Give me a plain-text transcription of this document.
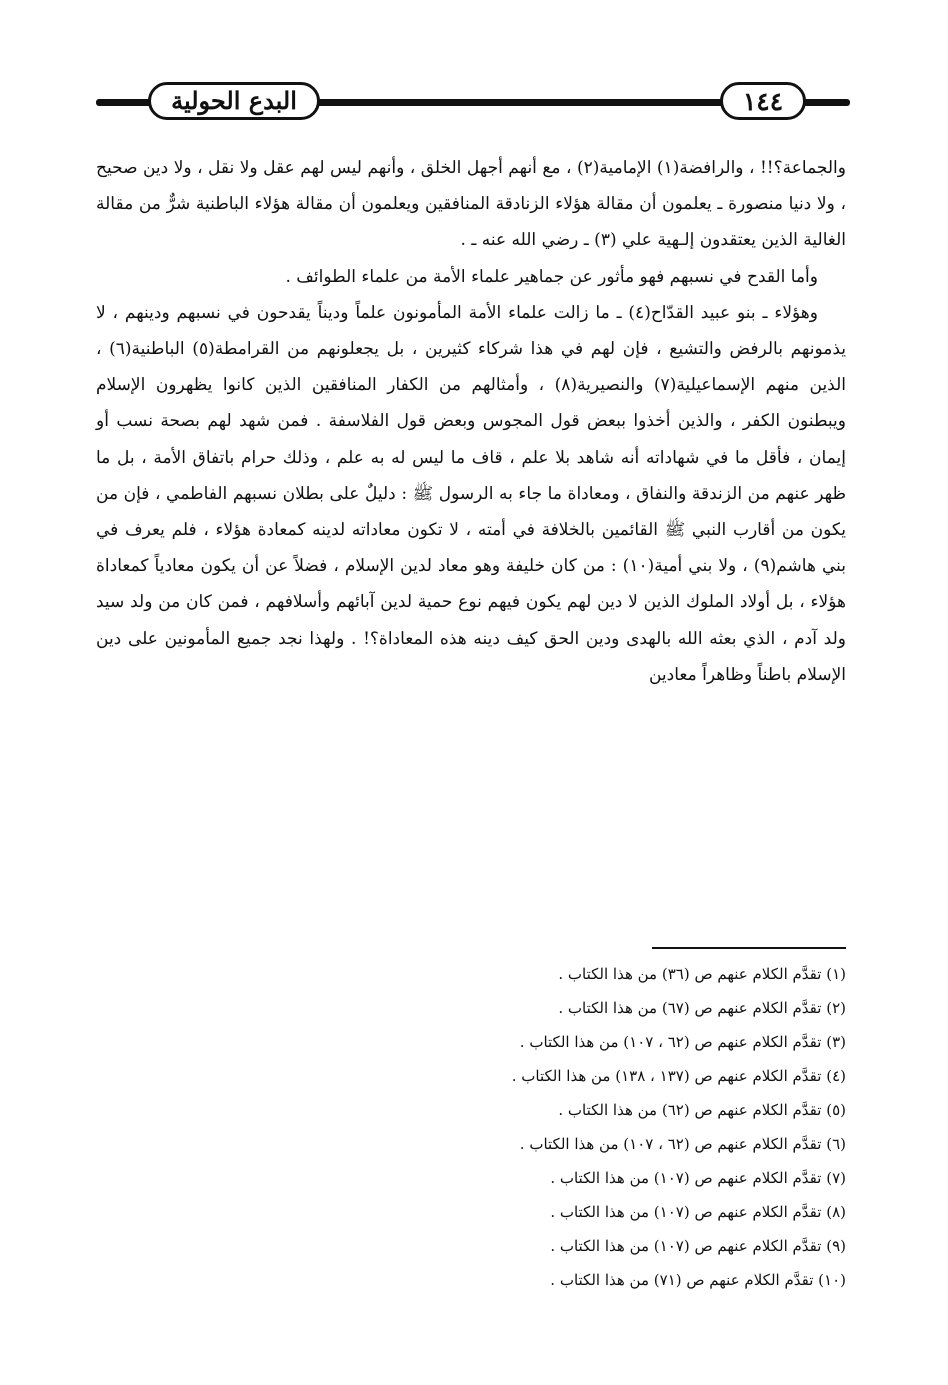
البدع الحولية	١٤٤

والجماعة؟!! ، والرافضة(١) الإمامية(٢) ، مع أنهم أجهل الخلق ، وأنهم ليس لهم عقل ولا نقل ، ولا دين صحيح ، ولا دنيا منصورة ـ يعلمون أن مقالة هؤلاء الزنادقة المنافقين ويعلمون أن مقالة هؤلاء الباطنية شرٌّ من مقالة الغالية الذين يعتقدون إلـهية علي (٣) ـ رضي الله عنه ـ .

وأما القدح في نسبهم فهو مأثور عن جماهير علماء الأمة من علماء الطوائف .

وهؤلاء ـ بنو عبيد القدّاح(٤) ـ ما زالت علماء الأمة المأمونون علماً وديناً يقدحون في نسبهم ودينهم ، لا يذمونهم بالرفض والتشيع ، فإن لهم في هذا شركاء كثيرين ، بل يجعلونهم من القرامطة(٥) الباطنية(٦) ، الذين منهم الإسماعيلية(٧) والنصيرية(٨) ، وأمثالهم من الكفار المنافقين الذين كانوا يظهرون الإسلام ويبطنون الكفر ، والذين أخذوا ببعض قول المجوس وبعض قول الفلاسفة . فمن شهد لهم بصحة نسب أو إيمان ، فأقل ما في شهاداته أنه شاهد بلا علم ، قاف ما ليس له به علم ، وذلك حرام باتفاق الأمة ، بل ما ظهر عنهم من الزندقة والنفاق ، ومعاداة ما جاء به الرسول ﷺ : دليلٌ على بطلان نسبهم الفاطمي ، فإن من يكون من أقارب النبي ﷺ القائمين بالخلافة في أمته ، لا تكون معاداته لدينه كمعادة هؤلاء ، فلم يعرف في بني هاشم(٩) ، ولا بني أمية(١٠) : من كان خليفة وهو معاد لدين الإسلام ، فضلاً عن أن يكون معادياً كمعاداة هؤلاء ، بل أولاد الملوك الذين لا دين لهم يكون فيهم نوع حمية لدين آبائهم وأسلافهم ، فمن كان من ولد سيد ولد آدم ، الذي بعثه الله بالهدى ودين الحق كيف دينه هذه المعاداة؟! . ولهذا نجد جميع المأمونين على دين الإسلام باطناً وظاهراً معادين

(١) تقدَّم الكلام عنهم ص (٣٦) من هذا الكتاب .
(٢) تقدَّم الكلام عنهم ص (٦٧) من هذا الكتاب .
(٣) تقدَّم الكلام عنهم ص (٦٢ ، ١٠٧) من هذا الكتاب .
(٤) تقدَّم الكلام عنهم ص (١٣٧ ، ١٣٨) من هذا الكتاب .
(٥) تقدَّم الكلام عنهم ص (٦٢) من هذا الكتاب .
(٦) تقدَّم الكلام عنهم ص (٦٢ ، ١٠٧) من هذا الكتاب .
(٧) تقدَّم الكلام عنهم ص (١٠٧) من هذا الكتاب .
(٨) تقدَّم الكلام عنهم ص (١٠٧) من هذا الكتاب .
(٩) تقدَّم الكلام عنهم ص (١٠٧) من هذا الكتاب .
(١٠) تقدَّم الكلام عنهم ص (٧١) من هذا الكتاب .
